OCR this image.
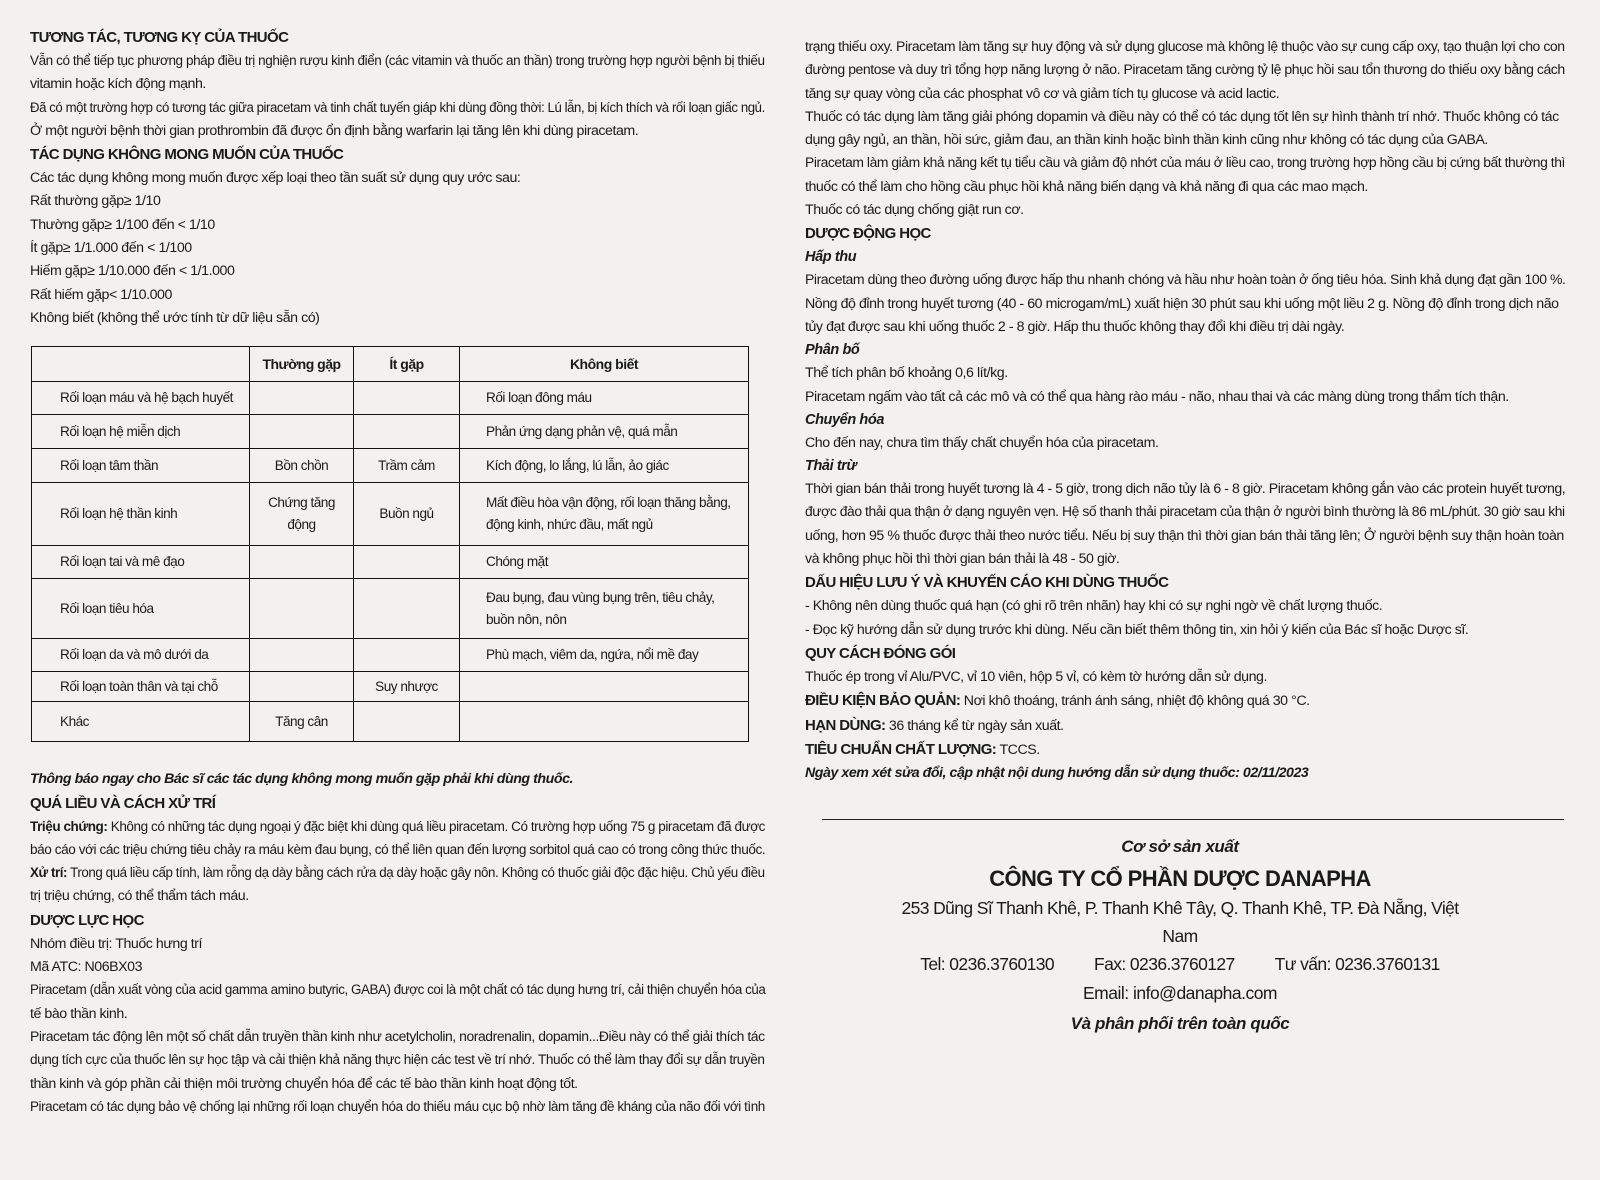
TƯƠNG TÁC, TƯƠNG KỴ CỦA THUỐC
Vẫn có thể tiếp tục phương pháp điều trị nghiện rượu kinh điển (các vitamin và thuốc an thần) trong trường hợp người bệnh bị thiếu
vitamin hoặc kích động mạnh.
Đã có một trường hợp có tương tác giữa piracetam và tinh chất tuyến giáp khi dùng đồng thời: Lú lẫn, bị kích thích và rối loạn giấc ngủ.
Ở một người bệnh thời gian prothrombin đã được ổn định bằng warfarin lại tăng lên khi dùng piracetam.
TÁC DỤNG KHÔNG MONG MUỐN CỦA THUỐC
Các tác dụng không mong muốn được xếp loại theo tần suất sử dụng quy ước sau:
Rất thường gặp≥ 1/10
Thường gặp≥ 1/100 đến < 1/10
Ít gặp≥ 1/1.000 đến < 1/100
Hiếm gặp≥ 1/10.000 đến < 1/1.000
Rất hiếm gặp< 1/10.000
Không biết (không thể ước tính từ dữ liệu sẵn có)
	Thường gặp	Ít gặp	Không biết
Rối loạn máu và hệ bạch huyết			Rối loạn đông máu

Rối loạn hệ miễn dịch			Phản ứng dạng phản vệ, quá mẫn

Rối loạn tâm thần	Bồn chồn	Trầm cảm	Kích động, lo lắng, lú lẫn, ảo giác

Rối loạn hệ thần kinh	Chứng tăng động	Buồn ngủ	Mất điều hòa vận động, rối loạn thăng bằng,
động kinh, nhức đầu, mất ngủ

Rối loạn tai và mê đạo			Chóng mặt

Rối loạn tiêu hóa			Đau bụng, đau vùng bụng trên, tiêu chảy,
buồn nôn, nôn

Rối loạn da và mô dưới da			Phù mạch, viêm da, ngứa, nổi mề đay

Rối loạn toàn thân và tại chỗ		Suy nhược	

Khác	Tăng cân		
Thông báo ngay cho Bác sĩ các tác dụng không mong muốn gặp phải khi dùng thuốc.
QUÁ LIỀU VÀ CÁCH XỬ TRÍ
Triệu chứng: Không có những tác dụng ngoại ý đặc biệt khi dùng quá liều piracetam. Có trường hợp uống 75 g piracetam đã được
báo cáo với các triệu chứng tiêu chảy ra máu kèm đau bụng, có thể liên quan đến lượng sorbitol quá cao có trong công thức thuốc.
Xử trí: Trong quá liều cấp tính, làm rỗng dạ dày bằng cách rửa dạ dày hoặc gây nôn. Không có thuốc giải độc đặc hiệu. Chủ yếu điều
trị triệu chứng, có thể thẩm tách máu.
DƯỢC LỰC HỌC
Nhóm điều trị: Thuốc hưng trí
Mã ATC: N06BX03
Piracetam (dẫn xuất vòng của acid gamma amino butyric, GABA) được coi là một chất có tác dụng hưng trí, cải thiện chuyển hóa của
tế bào thần kinh.
Piracetam tác động lên một số chất dẫn truyền thần kinh như acetylcholin, noradrenalin, dopamin...Điều này có thể giải thích tác
dụng tích cực của thuốc lên sự học tập và cải thiện khả năng thực hiện các test về trí nhớ. Thuốc có thể làm thay đổi sự dẫn truyền
thần kinh và góp phần cải thiện môi trường chuyển hóa để các tế bào thần kinh hoạt động tốt.
Piracetam có tác dụng bảo vệ chống lại những rối loạn chuyển hóa do thiếu máu cục bộ nhờ làm tăng đề kháng của não đối với tình
trạng thiếu oxy. Piracetam làm tăng sự huy động và sử dụng glucose mà không lệ thuộc vào sự cung cấp oxy, tạo thuận lợi cho con
đường pentose và duy trì tổng hợp năng lượng ở não. Piracetam tăng cường tỷ lệ phục hồi sau tổn thương do thiếu oxy bằng cách
tăng sự quay vòng của các phosphat vô cơ và giảm tích tụ glucose và acid lactic.
Thuốc có tác dụng làm tăng giải phóng dopamin và điều này có thể có tác dụng tốt lên sự hình thành trí nhớ. Thuốc không có tác
dụng gây ngủ, an thần, hồi sức, giảm đau, an thần kinh hoặc bình thần kinh cũng như không có tác dụng của GABA.
Piracetam làm giảm khả năng kết tụ tiểu cầu và giảm độ nhớt của máu ở liều cao, trong trường hợp hồng cầu bị cứng bất thường thì
thuốc có thể làm cho hồng cầu phục hồi khả năng biến dạng và khả năng đi qua các mao mạch.
Thuốc có tác dụng chống giật run cơ.
DƯỢC ĐỘNG HỌC
Hấp thu
Piracetam dùng theo đường uống được hấp thu nhanh chóng và hầu như hoàn toàn ở ống tiêu hóa. Sinh khả dụng đạt gần 100 %.
Nồng độ đỉnh trong huyết tương (40 - 60 microgam/mL) xuất hiện 30 phút sau khi uống một liều 2 g. Nồng độ đỉnh trong dịch não
tủy đạt được sau khi uống thuốc 2 - 8 giờ. Hấp thu thuốc không thay đổi khi điều trị dài ngày.
Phân bố
Thể tích phân bố khoảng 0,6 lít/kg.
Piracetam ngấm vào tất cả các mô và có thể qua hàng rào máu - não, nhau thai và các màng dùng trong thẩm tích thận.
Chuyển hóa
Cho đến nay, chưa tìm thấy chất chuyển hóa của piracetam.
Thải trừ
Thời gian bán thải trong huyết tương là 4 - 5 giờ, trong dịch não tủy là 6 - 8 giờ. Piracetam không gắn vào các protein huyết tương,
được đào thải qua thận ở dạng nguyên vẹn. Hệ số thanh thải piracetam của thận ở người bình thường là 86 mL/phút. 30 giờ sau khi
uống, hơn 95 % thuốc được thải theo nước tiểu. Nếu bị suy thận thì thời gian bán thải tăng lên; Ở người bệnh suy thận hoàn toàn
và không phục hồi thì thời gian bán thải là 48 - 50 giờ.
DẤU HIỆU LƯU Ý VÀ KHUYẾN CÁO KHI DÙNG THUỐC
- Không nên dùng thuốc quá hạn (có ghi rõ trên nhãn) hay khi có sự nghi ngờ về chất lượng thuốc.
- Đọc kỹ hướng dẫn sử dụng trước khi dùng. Nếu cần biết thêm thông tin, xin hỏi ý kiến của Bác sĩ hoặc Dược sĩ.
QUY CÁCH ĐÓNG GÓI
Thuốc ép trong vỉ Alu/PVC, vỉ 10 viên, hộp 5 vỉ, có kèm tờ hướng dẫn sử dụng.
ĐIỀU KIỆN BẢO QUẢN: Nơi khô thoáng, tránh ánh sáng, nhiệt độ không quá 30 °C.
HẠN DÙNG: 36 tháng kể từ ngày sản xuất.
TIÊU CHUẨN CHẤT LƯỢNG: TCCS.
Ngày xem xét sửa đổi, cập nhật nội dung hướng dẫn sử dụng thuốc: 02/11/2023
Cơ sở sản xuất
CÔNG TY CỔ PHẦN DƯỢC DANAPHA
253 Dũng Sĩ Thanh Khê, P. Thanh Khê Tây, Q. Thanh Khê, TP. Đà Nẵng, Việt Nam
Tel: 0236.3760130 Fax: 0236.3760127 Tư vấn: 0236.3760131
Email: info@danapha.com
Và phân phối trên toàn quốc
